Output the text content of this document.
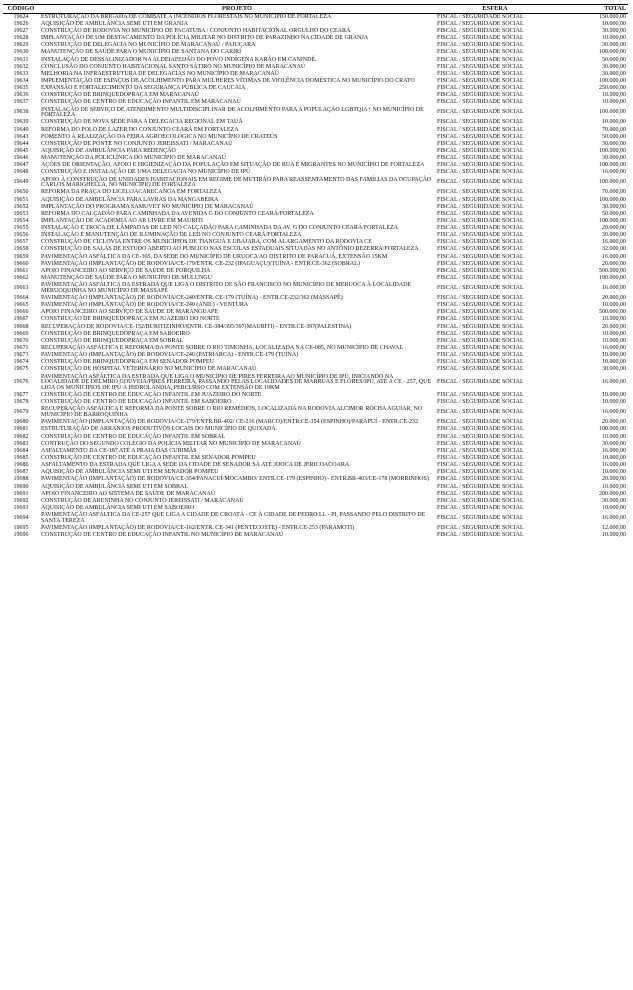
CÓDIGO	PROJETO	ESFERA	TOTAL
19624	ESTRUTURAÇÃO DA BRIGADA DE COMBATE A INCÊNDIOS FLORESTAIS NO MUNICÍPIO DE FORTALEZA	FISCAL / SEGURIDADE SOCIAL	150.000,00
19626	AQUISIÇÃO DE AMBULÂNCIA SEMI UTI EM GRANJA	FISCAL / SEGURIDADE SOCIAL	10.000,00
19627	CONSTRUÇÃO DE RODOVIA NO MUNICÍPIO DE PACATUBA / CONJUNTO HABITACIONAL ORGULHO DO CEARÁ	FISCAL / SEGURIDADE SOCIAL	30.000,00
19628	IMPLANTAÇÃO DE UM DESTACAMENTO DA POLÍCIA MILITAR NO DISTRITO DE PARAZINHO NA CIDADE DE GRANJA	FISCAL / SEGURIDADE SOCIAL	10.000,00
19629	CONSTRUÇÃO DE DELEGACIA NO MUNICÍPIO DE MARACANAÚ / PAJUÇARA	FISCAL / SEGURIDADE SOCIAL	30.000,00
19630	MANUTENÇÃO DE SAÚDE PARA O MUNICÍPIO DE SANTANA DO CARIRI	FISCAL / SEGURIDADE SOCIAL	100.000,00
19631	INSTALAÇÃO DE DESSALINIZADOR NA ALDEIAFEIJÃO DO POVO INDÍGENA KARÃO EM CANINDÉ.	FISCAL / SEGURIDADE SOCIAL	50.000,00
19632	CONCLUSÃO DO CONJUNTO HABITACIONAL SANTO SÁTIRO NO MUNICÍPIO DE MARACANAÚ	FISCAL / SEGURIDADE SOCIAL	30.000,00
19633	MELHORIA NA INFRAESTRUTURA DE DELEGACIAS NO MUNICÍPIO DE MARACANAÚ	FISCAL / SEGURIDADE SOCIAL	30.000,00
19634	IMPLEMENTAÇÃO DE ESPAÇOS DE ACOLHIMENTO PARA MULHERES VÍTIMAS DE VIOLÊNCIA DOMÉSTICA NO MUNICÍPIO DO CRATO	FISCAL / SEGURIDADE SOCIAL	100.000,00
19635	EXPANSÃO E FORTALECIMENTO DA SEGURANÇA PÚBLICA DE CAUCAIA	FISCAL / SEGURIDADE SOCIAL	250.000,00
19636	CONSTRUÇÃO DE BRINQUEDOPRAÇA EM MARACANAÚ	FISCAL / SEGURIDADE SOCIAL	10.000,00
19637	CONSTRUÇÃO DE CENTRO DE EDUCAÇÃO INFANTIL EM MARACANAÚ	FISCAL / SEGURIDADE SOCIAL	10.000,00
19638	INSTALAÇÃO DE SERVIÇO DE ATENDIMENTO MULTIDISCIPLINAR DE ACOLHIMENTO PARA A POPULAÇÃO LGBTQIA+ NO MUNICÍPIO DE FORTALEZA	FISCAL / SEGURIDADE SOCIAL	100.000,00
19639	CONSTRUÇÃO DE NOVA SEDE PARA A DELEGACIA REGIONAL EM TAUÁ	FISCAL / SEGURIDADE SOCIAL	10.000,00
19640	REFORMA DO POLO DE LAZER DO CONJUNTO CEARÁ EM FORTALEZA	FISCAL / SEGURIDADE SOCIAL	70.000,00
19643	FOMENTO À REALIZAÇÃO DA FEIRA AGROECOLÓGICA NO MUNICÍPIO DE CRATEÚS	FISCAL / SEGURIDADE SOCIAL	50.000,00
19644	CONSTRUÇÃO DE PONTE NO CONJUNTO JEREISSATI / MARACANAÚ	FISCAL / SEGURIDADE SOCIAL	30.000,00
19645	AQUISIÇÃO DE AMBULÂNCIA PARA REDENÇÃO	FISCAL / SEGURIDADE SOCIAL	100.000,00
19646	MANUTENÇÃO DA POLICLÍNICA DO MUNICÍPIO DE MARACANAÚ	FISCAL / SEGURIDADE SOCIAL	30.000,00
19647	AÇÕES DE ORIENTAÇÃO, APOIO E HIGIENIZAÇÃO DA POPULAÇÃO EM SITUAÇÃO DE RUA E MIGRANTES NO MUNICÍPIO DE FORTALEZA	FISCAL / SEGURIDADE SOCIAL	100.000,00
19648	CONSTRUÇÃO E INSTALAÇÃO DE UMA DELEGACIA NO MUNICÍPIO DE IPÚ	FISCAL / SEGURIDADE SOCIAL	16.000,00
19649	APOIO À CONSTRUÇÃO DE UNIDADES HABITACIONAIS EM REGIME DE MUTIRÃO PARA REASSENTAMENTO DAS FAMÍLIAS DA OCUPAÇÃO CARLOS MARIGHELLA, NO MUNICÍPIO DE FORTALEZA	FISCAL / SEGURIDADE SOCIAL	100.000,00
19650	REFORMA DA PRAÇA DO LICEU/JACARECANGA EM FORTALEZA	FISCAL / SEGURIDADE SOCIAL	70.000,00
19651	AQUISIÇÃO DE AMBULÂNCIA PARA LAVRAS DA MANGABEIRA	FISCAL / SEGURIDADE SOCIAL	100.000,00
19652	IMPLANTAÇÃO DO PROGRAMA SAMUVET NO MUNICÍPIO DE MARACANAÚ	FISCAL / SEGURIDADE SOCIAL	30.000,00
19653	REFORMA DO CALÇADÃO PARA CAMINHADA DA AVENIDA G DO CONJUNTO CEARÁ/FORTALEZA	FISCAL / SEGURIDADE SOCIAL	50.000,00
19654	IMPLANTAÇÃO DE ACADEMIA AO AR LIVRE EM MAURITI	FISCAL / SEGURIDADE SOCIAL	100.000,00
19655	INSTALAÇÃO E TROCA DE LÂMPADAS DE LED NO CALÇADÃO PARA CAMINHADA DA AV. G DO CONJUNTO CEARÁ/FORTALEZA	FISCAL / SEGURIDADE SOCIAL	20.000,00
19656	INSTALAÇÃO E MANUTENÇÃO DE ILUMINAÇÃO DE LED NO CONJUNTO CEARÁ/FORTALEZA	FISCAL / SEGURIDADE SOCIAL	30.000,00
19657	CONSTRUÇÃO DE CICLOVIA ENTRE OS MUNICÍPIOS DE TIANGUÁ E UBAJARA, COM ALARGAMENTO DA RODOVIA CE	FISCAL / SEGURIDADE SOCIAL	16.000,00
19658	CONSTRUÇÃO DE SALAS DE ESTUDO ABERTO AO PÚBLICO NAS ESCOLAS ESTADUAIS SITUADAS NO ANTÔNIO BEZERRA/FORTALEZA	FISCAL / SEGURIDADE SOCIAL	32.000,00
19659	PAVIMENTAÇÃO ASFÁLTICA DA CE-365, DA SEDE DO MUNICÍPIO DE URUOCA AO DISTRITO DE PARACUÁ, EXTENSÃO 15KM	FISCAL / SEGURIDADE SOCIAL	16.000,00
19660	PAVIMENTAÇÃO (IMPLANTAÇÃO) DE RODOVIA/CE-179/ENTR. CE-232 (IPAGUAÇU)/TUÍNA - ENTR.CE-362 (SOBRAL)	FISCAL / SEGURIDADE SOCIAL	20.000,00
19661	APOIO FINANCEIRO AO SERVIÇO DE SAÚDE DE FORQUILHA	FISCAL / SEGURIDADE SOCIAL	500.000,00
19662	MANUTENÇÃO DE SAÚDE PARA O MUNICÍPIO DE MULUNGU	FISCAL / SEGURIDADE SOCIAL	190.000,00
19663	PAVIMENTAÇÃO ASFÁLTICA DA ESTRADA QUE LIGA O DISTRITO DE SÃO FRANCISCO NO MUNICÍPIO DE MERUOCA À LOCALIDADE MERUOQUINHA NO MUNICÍPIO DE MASSAPÊ	FISCAL / SEGURIDADE SOCIAL	16.000,00
19664	PAVIMENTAÇÃO (IMPLANTAÇÃO) DE RODOVIA/CE-240/ENTR. CE-179 (TUÍNA) - ENTR.CE-232/362 (MASSAPÊ)	FISCAL / SEGURIDADE SOCIAL	20.000,00
19665	PAVIMENTAÇÃO (IMPLANTAÇÃO) DE RODOVIA/CE-240 (ANIL) - VENTURA	FISCAL / SEGURIDADE SOCIAL	10.000,00
19666	APOIO FINANCEIRO AO SERVIÇO DE SAÚDE DE MARANGUAPE	FISCAL / SEGURIDADE SOCIAL	500.000,00
19667	CONSTRUÇÃO DE BRINQUEDOPRAÇA EM JUAZEIRO DO NORTE	FISCAL / SEGURIDADE SOCIAL	10.000,00
19668	RECUPERAÇÃO DE RODOVIA/CE-152/BURITIZINHO/ENTR. CE-384/395/397(MAURITI) - ENTR.CE-397(PALESTINA)	FISCAL / SEGURIDADE SOCIAL	20.000,00
19669	CONSTRUÇÃO DE BRINQUEDOPRAÇA EM SABOEIRO	FISCAL / SEGURIDADE SOCIAL	10.000,00
19670	CONSTRUÇÃO DE BRINQUEDOPRAÇA EM SOBRAL	FISCAL / SEGURIDADE SOCIAL	10.000,00
19671	RECUPERAÇÃO ASFÁLTICA E REFORMA DA PONTE SOBRE O RIO TIMONHA, LOCALIZADA NA CE-085, NO MUNICÍPIO DE CHAVAL	FISCAL / SEGURIDADE SOCIAL	16.000,00
19673	PAVIMENTAÇÃO (IMPLANTAÇÃO) DE RODOVIA/CE-240 (PATRIARCA) - ENTR.CE-179 (TUÍNA)	FISCAL / SEGURIDADE SOCIAL	10.000,00
19674	CONSTRUÇÃO DE BRINQUEDOPRAÇA EM SENADOR POMPEU	FISCAL / SEGURIDADE SOCIAL	10.000,00
19675	CONSTRUÇÃO DE HOSPITAL VETERINÁRIO NO MUNICÍPIO DE MARACANAÚ	FISCAL / SEGURIDADE SOCIAL	30.000,00
19676	PAVIMENTAÇÃO ASFÁLTICA DA ESTRADA QUE LIGA O MUNICÍPIO DE PIRES FERREIRA AO MUNICÍPIO DE IPÚ, INICIANDO NA LOCALIDADE DE DELMIRO GOUVEIA/PIRES FERREIRA, PASSANDO PELAS LOCALIDADES DE MARRUÁS E FLORES/IPÚ, ATÉ A CE - 257, QUE LIGA OS MUNICÍPIOS DE IPÚ À HIDROLÂNDIA, PERCURSO COM EXTENSÃO DE 19KM	FISCAL / SEGURIDADE SOCIAL	16.000,00
19677	CONSTRUÇÃO DE CENTRO DE EDUCAÇÃO INFANTIL EM JUAZEIRO DO NORTE	FISCAL / SEGURIDADE SOCIAL	10.000,00
19678	CONSTRUÇÃO DE CENTRO DE EDUCAÇÃO INFANTIL EM SABOEIRO	FISCAL / SEGURIDADE SOCIAL	10.000,00
19679	RECUPERAÇÃO ASFÁLTICA E REFORMA DA PONTE SOBRE O RIO REMÉDIOS, LOCALIZADA NA RODOVIA ALCIMOR ROCHA AGUIAR, NO MUNICÍPIO DE BARROQUINHA	FISCAL / SEGURIDADE SOCIAL	16.000,00
19680	PAVIMENTAÇÃO (IMPLANTAÇÃO) DE RODOVIA/CE-179/ENTR.BR-402/ CE-216 (MARCO)/ENTR.CE-354 (ESPINHO)/PARAPUÍ - ENTR.CE-232	FISCAL / SEGURIDADE SOCIAL	20.000,00
19681	ESTRUTURAÇÃO DE ARRANJOS PRODUTIVOS LOCAIS DO MUNICÍPIO DE QUIXADÁ.	FISCAL / SEGURIDADE SOCIAL	100.000,00
19682	CONSTRUÇÃO DE CENTRO DE EDUCAÇÃO INFANTIL EM SOBRAL	FISCAL / SEGURIDADE SOCIAL	10.000,00
19683	CONTRUÇÃO DO SEGUNDO COLÉGIO DA POLÍCIA MILITAR NO MUNICÍPIO DE MARACANAÚ	FISCAL / SEGURIDADE SOCIAL	30.000,00
19684	ASFALTAMENTO DA CE-187 ATÉ A PRAIA DAS CURIMÃS	FISCAL / SEGURIDADE SOCIAL	16.000,00
19685	CONSTRUÇÃO DE CENTRO DE EDUCAÇÃO INFANTIL EM SENADOR POMPEU	FISCAL / SEGURIDADE SOCIAL	10.000,00
19686	ASFALTAMENTO DA ESTRADA QUE LIGA A SEDE DA CIDADE DE SENADOR SÁ ATÉ JIJOCA DE JERICOACOARA	FISCAL / SEGURIDADE SOCIAL	16.000,00
19687	AQUISIÇÃO DE AMBULÂNCIA SEMI UTI EM SENADOR POMPEU	FISCAL / SEGURIDADE SOCIAL	10.000,00
19688	PAVIMENTAÇÃO (IMPLANTAÇÃO) DE RODOVIA/CE-354/PANACUÍ/MOCAMBO/ ENTR.CE-179 (ESPINHO) - ENTR.BR-403/CE-178 (MORRINHOS)	FISCAL / SEGURIDADE SOCIAL	20.000,00
19690	AQUISIÇÃO DE AMBULÂNCIA SEMI UTI EM SOBRAL	FISCAL / SEGURIDADE SOCIAL	10.000,00
19691	APOIO FINANCEIRO AO SISTEMA DE SAÚDE DE MARACANAÚ	FISCAL / SEGURIDADE SOCIAL	200.000,00
19692	CONSTRUÇÃO DE ARENINHA NO CONJUNTO JEREISSATI / MARACANAÚ	FISCAL / SEGURIDADE SOCIAL	30.000,00
19693	AQUISIÇÃO DE AMBULÂNCIA SEMI UTI EM SABOEIRO	FISCAL / SEGURIDADE SOCIAL	10.000,00
19694	PAVIMENTAÇÃO ASFÁLTICA DA CE-257 QUE LIGA A CIDADE DE CROATÁ - CE À CIDADE DE PEDRO LL - PI, PASSANDO PELO DISTRITO DE SANTA TEREZA	FISCAL / SEGURIDADE SOCIAL	16.000,00
19695	PAVIMENTAÇÃO (IMPLANTAÇÃO) DE RODOVIA/CE-162/ENTR. CE-341 (PENTECOSTE) - ENTR.CE-253 (PARAMOTI)	FISCAL / SEGURIDADE SOCIAL	12.000,00
19696	CONSTRUÇÃO DE CENTRO DE EDUCAÇÃO INFANTIL NO MUNICÍPIO DE MARACANAÚ	FISCAL / SEGURIDADE SOCIAL	10.000,00
